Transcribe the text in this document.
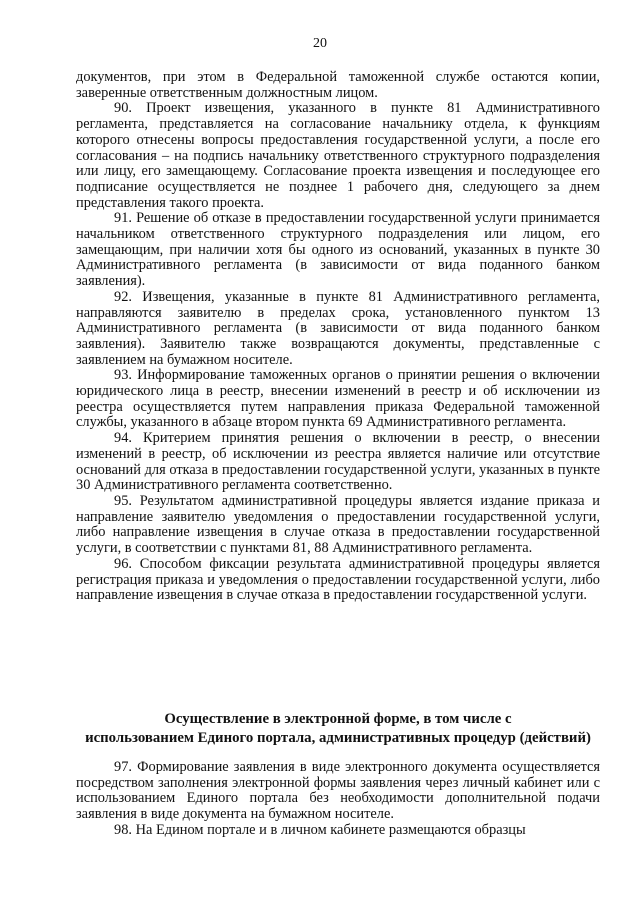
20

документов, при этом в Федеральной таможенной службе остаются копии, заверенные ответственным должностным лицом.

90. Проект извещения, указанного в пункте 81 Административного регламента, представляется на согласование начальнику отдела, к функциям которого отнесены вопросы предоставления государственной услуги, а после его согласования – на подпись начальнику ответственного структурного подразделения или лицу, его замещающему. Согласование проекта извещения и последующее его подписание осуществляется не позднее 1 рабочего дня, следующего за днем представления такого проекта.

91. Решение об отказе в предоставлении государственной услуги принимается начальником ответственного структурного подразделения или лицом, его замещающим, при наличии хотя бы одного из оснований, указанных в пункте 30 Административного регламента (в зависимости от вида поданного банком заявления).

92. Извещения, указанные в пункте 81 Административного регламента, направляются заявителю в пределах срока, установленного пунктом 13 Административного регламента (в зависимости от вида поданного банком заявления). Заявителю также возвращаются документы, представленные с заявлением на бумажном носителе.

93. Информирование таможенных органов о принятии решения о включении юридического лица в реестр, внесении изменений в реестр и об исключении из реестра осуществляется путем направления приказа Федеральной таможенной службы, указанного в абзаце втором пункта 69 Административного регламента.

94. Критерием принятия решения о включении в реестр, о внесении изменений в реестр, об исключении из реестра является наличие или отсутствие оснований для отказа в предоставлении государственной услуги, указанных в пункте 30 Административного регламента соответственно.

95. Результатом административной процедуры является издание приказа и направление заявителю уведомления о предоставлении государственной услуги, либо направление извещения в случае отказа в предоставлении государственной услуги, в соответствии с пунктами 81, 88 Административного регламента.

96. Способом фиксации результата административной процедуры является регистрация приказа и уведомления о предоставлении государственной услуги, либо направление извещения в случае отказа в предоставлении государственной услуги.

Осуществление в электронной форме, в том числе с
использованием Единого портала, административных процедур (действий)

97. Формирование заявления в виде электронного документа осуществляется посредством заполнения электронной формы заявления через личный кабинет или с использованием Единого портала без необходимости дополнительной подачи заявления в виде документа на бумажном носителе.

98. На Едином портале и в личном кабинете размещаются образцы
